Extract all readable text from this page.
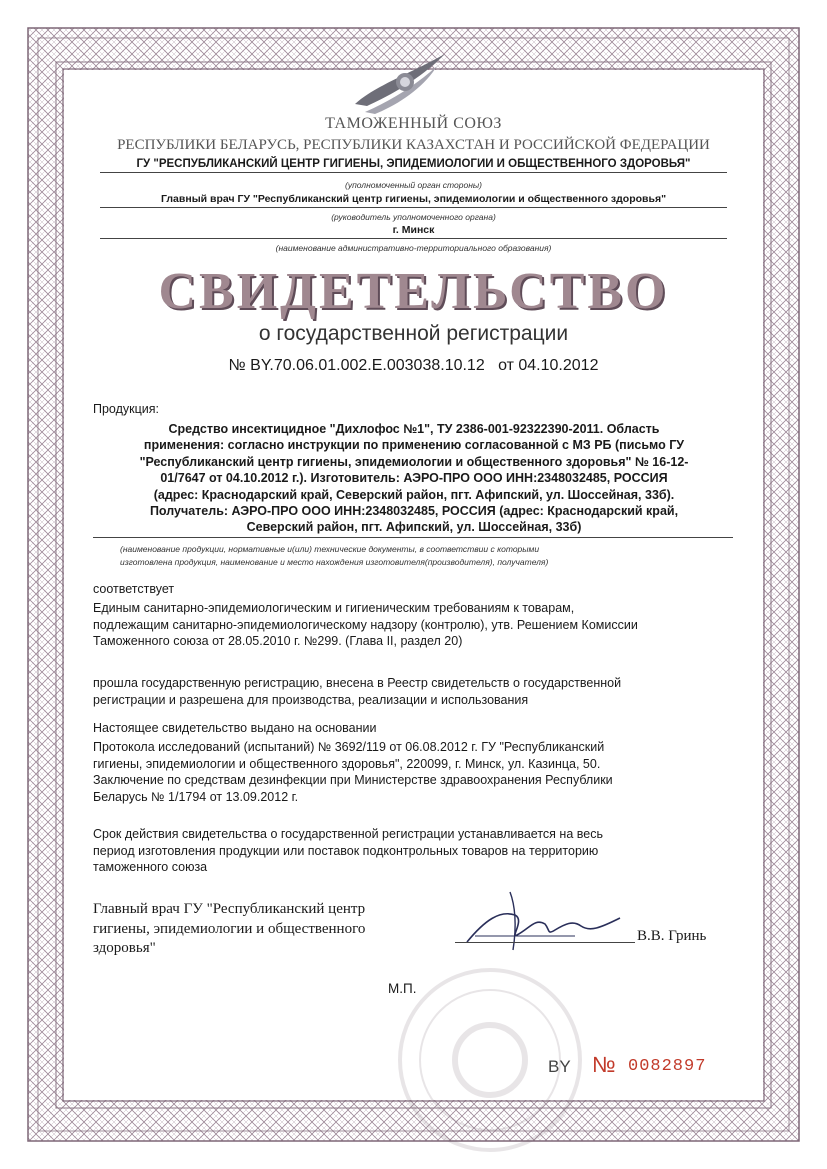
ТАМОЖЕННЫЙ СОЮЗ
РЕСПУБЛИКИ БЕЛАРУСЬ, РЕСПУБЛИКИ КАЗАХСТАН И РОССИЙСКОЙ ФЕДЕРАЦИИ
ГУ "РЕСПУБЛИКАНСКИЙ ЦЕНТР ГИГИЕНЫ, ЭПИДЕМИОЛОГИИ И ОБЩЕСТВЕННОГО ЗДОРОВЬЯ"
(уполномоченный орган стороны)
Главный врач ГУ "Республиканский центр гигиены, эпидемиологии и общественного здоровья"
(руководитель уполномоченного органа)
г. Минск
(наименование административно-территориального образования)
СВИДЕТЕЛЬСТВО
о государственной регистрации
№ BY.70.06.01.002.E.003038.10.12   от 04.10.2012
Продукция:
Средство инсектицидное "Дихлофос №1", ТУ 2386-001-92322390-2011. Область
применения: согласно инструкции по применению согласованной с МЗ РБ (письмо ГУ
"Республиканский центр гигиены, эпидемиологии и общественного здоровья" № 16-12-
01/7647 от 04.10.2012 г.). Изготовитель: АЭРО-ПРО ООО ИНН:2348032485, РОССИЯ
(адрес: Краснодарский край, Северский район, пгт. Афипский, ул. Шоссейная, 33б).
Получатель: АЭРО-ПРО ООО ИНН:2348032485, РОССИЯ (адрес: Краснодарский край,
Северский район, пгт. Афипский, ул. Шоссейная, 33б)
(наименование продукции, нормативные и(или) технические документы, в соответствии с которыми
изготовлена продукция, наименование и место нахождения изготовителя(производителя), получателя)
соответствует
Единым санитарно-эпидемиологическим и гигиеническим требованиям к товарам,
подлежащим санитарно-эпидемиологическому надзору (контролю), утв. Решением Комиссии
Таможенного союза от 28.05.2010 г. №299. (Глава II, раздел 20)
прошла государственную регистрацию, внесена в Реестр свидетельств о государственной
регистрации и разрешена для производства, реализации и использования
Настоящее свидетельство выдано на основании
Протокола исследований (испытаний) № 3692/119 от 06.08.2012 г. ГУ "Республиканский
гигиены, эпидемиологии и общественного здоровья", 220099, г. Минск, ул. Казинца, 50.
Заключение по средствам дезинфекции при Министерстве здравоохранения Республики
Беларусь № 1/1794 от 13.09.2012 г.
Срок действия свидетельства о государственной регистрации устанавливается на весь
период изготовления продукции или поставок подконтрольных товаров на территорию
таможенного союза
Главный врач ГУ "Республиканский центр
гигиены, эпидемиологии и общественного
здоровья"
В.В. Гринь
М.П.
BY № 0082897
